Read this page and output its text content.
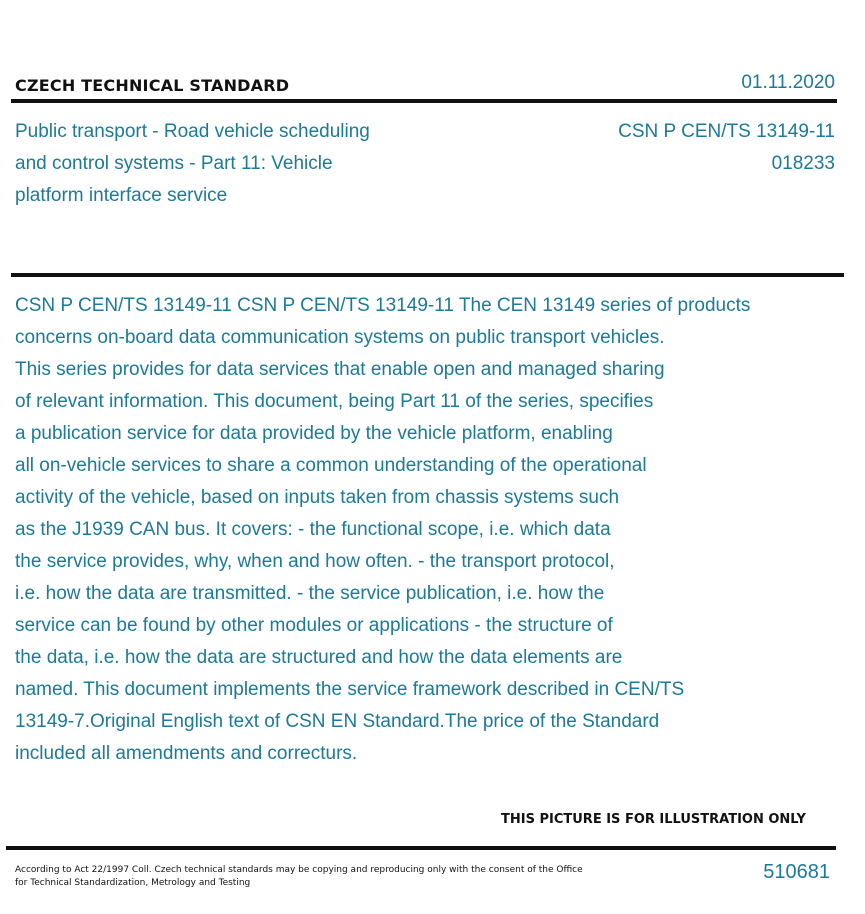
CZECH TECHNICAL STANDARD	01.11.2020
Public transport - Road vehicle scheduling
and control systems - Part 11: Vehicle
platform interface service
CSN P CEN/TS 13149-11
018233
CSN P CEN/TS 13149-11 CSN P CEN/TS 13149-11 The CEN 13149 series of products
concerns on-board data communication systems on public transport vehicles.
This series provides for data services that enable open and managed sharing
of relevant information. This document, being Part 11 of the series, specifies
a publication service for data provided by the vehicle platform, enabling
all on-vehicle services to share a common understanding of the operational
activity of the vehicle, based on inputs taken from chassis systems such
as the J1939 CAN bus. It covers: - the functional scope, i.e. which data
the service provides, why, when and how often. - the transport protocol,
i.e. how the data are transmitted. - the service publication, i.e. how the
service can be found by other modules or applications - the structure of
the data, i.e. how the data are structured and how the data elements are
named. This document implements the service framework described in CEN/TS
13149-7.Original English text of CSN EN Standard.The price of the Standard
included all amendments and correcturs.
THIS PICTURE IS FOR ILLUSTRATION ONLY
According to Act 22/1997 Coll. Czech technical standards may be copying and reproducing only with the consent of the Office
for Technical Standardization, Metrology and Testing	510681
